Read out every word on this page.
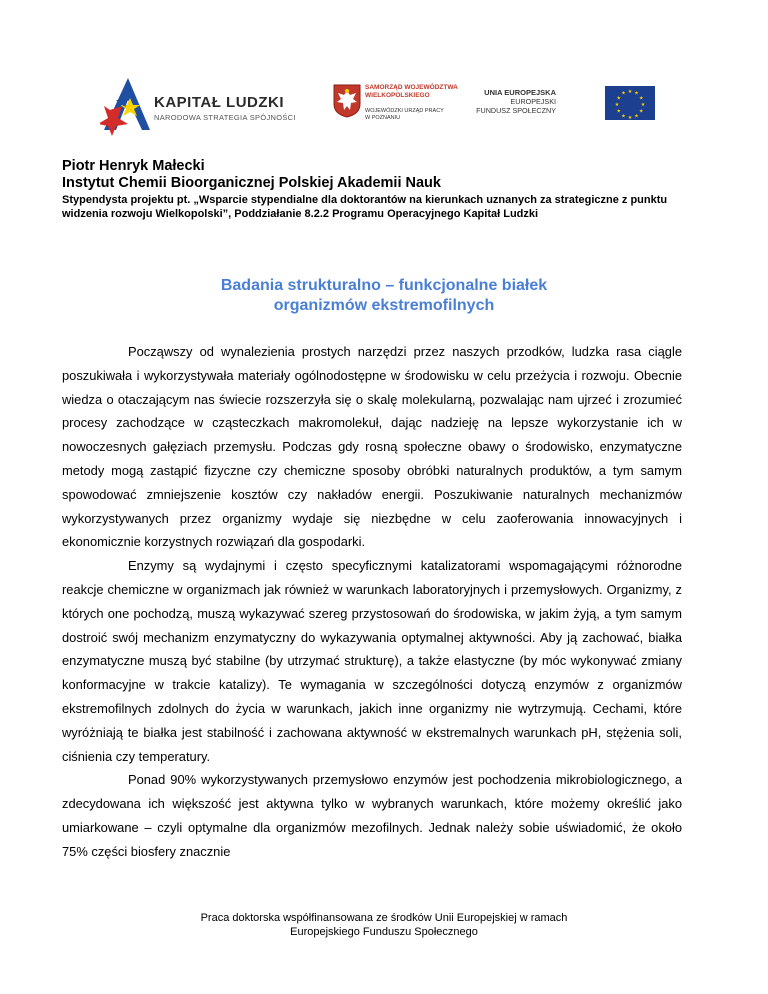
KAPITAŁ LUDZKI
NARODOWA STRATEGIA SPÓJNOŚCI
SAMORZĄD WOJEWÓDZTWA
WIELKOPOLSKIEGO
WOJEWÓDZKI URZĄD PRACY
W POZNANIU
UNIA EUROPEJSKA
EUROPEJSKI
FUNDUSZ SPOŁECZNY
★ ★
★
★
★
★
★
★
★
★
★
★
Piotr Henryk Małecki
Instytut Chemii Bioorganicznej Polskiej Akademii Nauk
Stypendysta projektu pt. „Wsparcie stypendialne dla doktorantów na kierunkach uznanych za strategiczne z punktu widzenia rozwoju Wielkopolski”, Poddziałanie 8.2.2 Programu Operacyjnego Kapitał Ludzki
Badania strukturalno – funkcjonalne białek organizmów ekstremofilnych

Począwszy od wynalezienia prostych narzędzi przez naszych przodków, ludzka rasa ciągle poszukiwała i wykorzystywała materiały ogólnodostępne w środowisku w celu przeżycia i rozwoju. Obecnie wiedza o otaczającym nas świecie rozszerzyła się o skalę molekularną, pozwalając nam ujrzeć i zrozumieć procesy zachodzące w cząsteczkach makromolekuł, dając nadzieję na lepsze wykorzystanie ich w nowoczesnych gałęziach przemysłu. Podczas gdy rosną społeczne obawy o środowisko, enzymatyczne metody mogą zastąpić fizyczne czy chemiczne sposoby obróbki naturalnych produktów, a tym samym spowodować zmniejszenie kosztów czy nakładów energii. Poszukiwanie naturalnych mechanizmów wykorzystywanych przez organizmy wydaje się niezbędne w celu zaoferowania innowacyjnych i ekonomicznie korzystnych rozwiązań dla gospodarki.

Enzymy są wydajnymi i często specyficznymi katalizatorami wspomagającymi różnorodne reakcje chemiczne w organizmach jak również w warunkach laboratoryjnych i przemysłowych. Organizmy, z których one pochodzą, muszą wykazywać szereg przystosowań do środowiska, w jakim żyją, a tym samym dostroić swój mechanizm enzymatyczny do wykazywania optymalnej aktywności. Aby ją zachować, białka enzymatyczne muszą być stabilne (by utrzymać strukturę), a także elastyczne (by móc wykonywać zmiany konformacyjne w trakcie katalizy). Te wymagania w szczególności dotyczą enzymów z organizmów ekstremofilnych zdolnych do życia w warunkach, jakich inne organizmy nie wytrzymują. Cechami, które wyróżniają te białka jest stabilność i zachowana aktywność w ekstremalnych warunkach pH, stężenia soli, ciśnienia czy temperatury.

Ponad 90% wykorzystywanych przemysłowo enzymów jest pochodzenia mikrobiologicznego, a zdecydowana ich większość jest aktywna tylko w wybranych warunkach, które możemy określić jako umiarkowane – czyli optymalne dla organizmów mezofilnych. Jednak należy sobie uświadomić, że około 75% części biosfery znacznie

Praca doktorska współfinansowana ze środków Unii Europejskiej w ramach
Europejskiego Funduszu Społecznego
